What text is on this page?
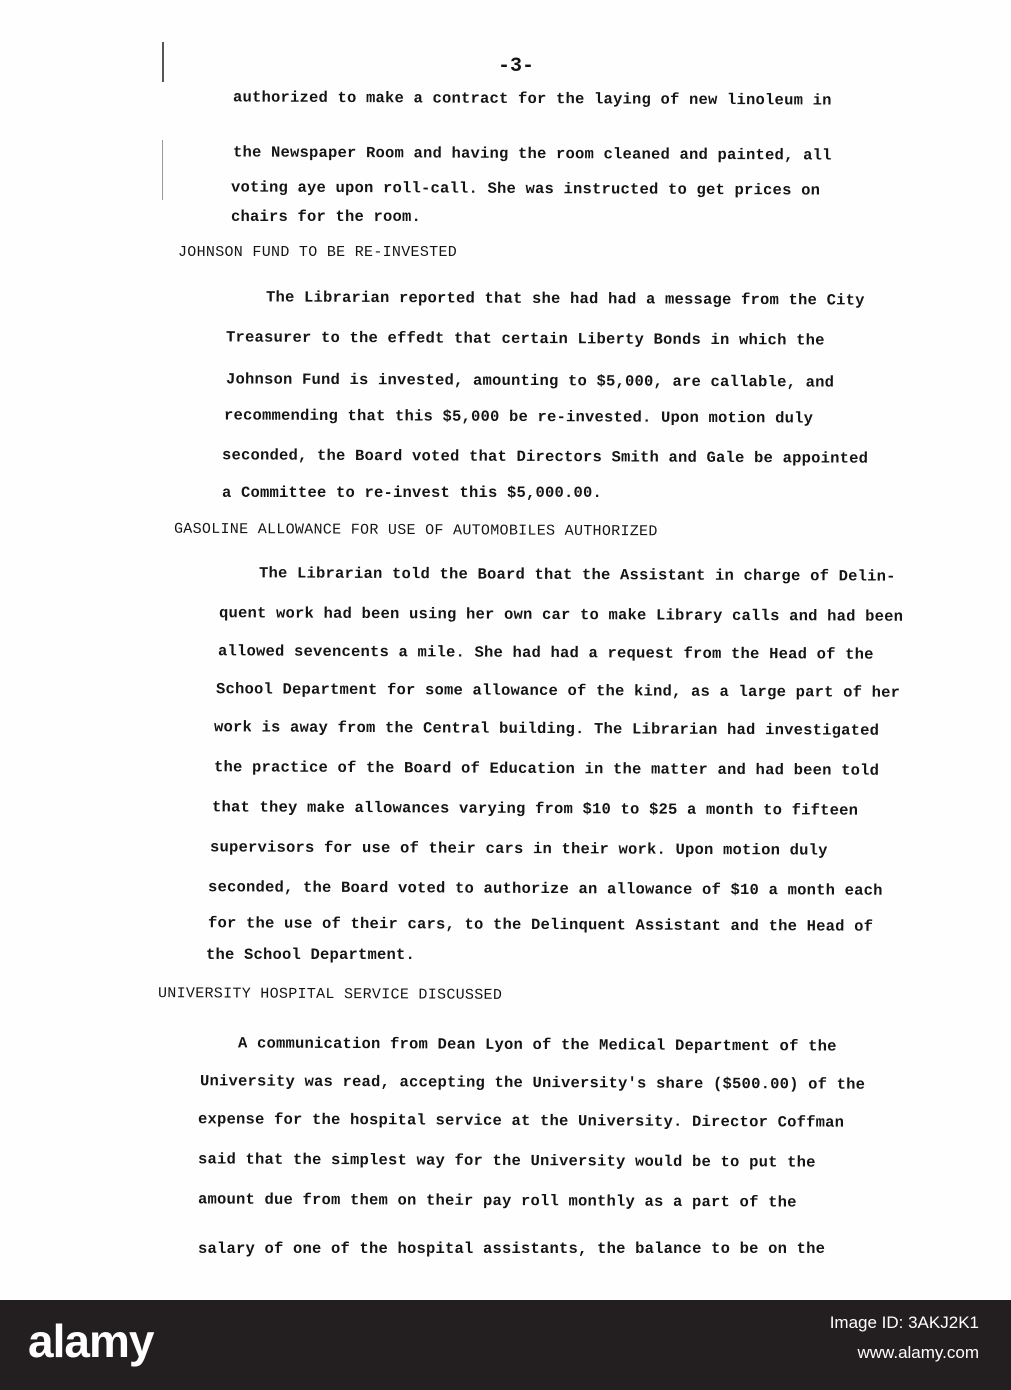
-3-
authorized to make a contract for the laying of new linoleum in
the Newspaper Room and having the room cleaned and painted, all
voting aye upon roll-call. She was instructed to get prices on
chairs for the room.
JOHNSON FUND TO BE RE-INVESTED
The Librarian reported that she had had a message from the City
Treasurer to the effedt that certain Liberty Bonds in which the
Johnson Fund is invested, amounting to $5,000, are callable, and
recommending that this $5,000 be re-invested. Upon motion duly
seconded, the Board voted that Directors Smith and Gale be appointed
a Committee to re-invest this $5,000.00.
GASOLINE ALLOWANCE FOR USE OF AUTOMOBILES AUTHORIZED
The Librarian told the Board that the Assistant in charge of Delin-
quent work had been using her own car to make Library calls and had been
allowed sevencents a mile. She had had a request from the Head of the
School Department for some allowance of the kind, as a large part of her
work is away from the Central building. The Librarian had investigated
the practice of the Board of Education in the matter and had been told
that they make allowances varying from $10 to $25 a month to fifteen
supervisors for use of their cars in their work. Upon motion duly
seconded, the Board voted to authorize an allowance of $10 a month each
for the use of their cars, to the Delinquent Assistant and the Head of
the School Department.
UNIVERSITY HOSPITAL SERVICE DISCUSSED
A communication from Dean Lyon of the Medical Department of the
University was read, accepting the University's share ($500.00) of the
expense for the hospital service at the University. Director Coffman
said that the simplest way for the University would be to put the
amount due from them on their pay roll monthly as a part of the
salary of one of the hospital assistants, the balance to be on the
alamy	Image ID: 3AKJ2K1
www.alamy.com
